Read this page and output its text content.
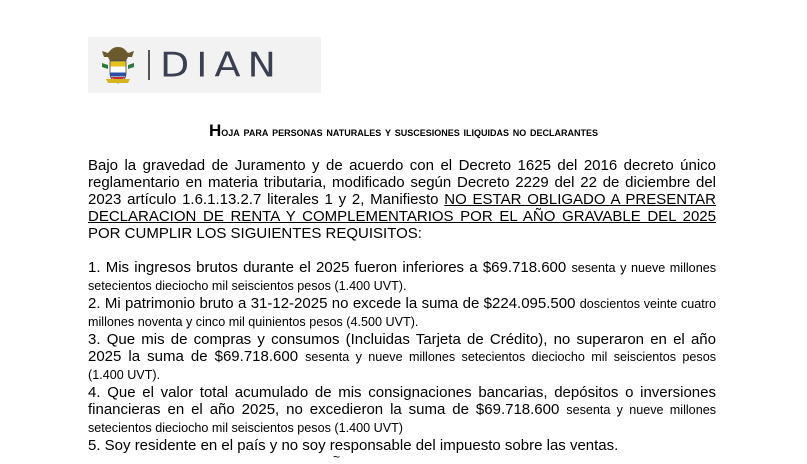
DIAN
Hoja para personas naturales y suscesiones iliquidas no declarantes

Bajo la gravedad de Juramento y de acuerdo con el Decreto 1625 del 2016 decreto único reglamentario en materia tributaria, modificado según Decreto 2229 del 22 de diciembre del 2023 artículo 1.6.1.13.2.7 literales 1 y 2, Manifiesto NO ESTAR OBLIGADO A PRESENTAR DECLARACION DE RENTA Y COMPLEMENTARIOS POR EL AÑO GRAVABLE DEL 2025 POR CUMPLIR LOS SIGUIENTES REQUISITOS:

1. Mis ingresos brutos durante el 2025 fueron inferiores a $69.718.600 sesenta y nueve millones setecientos dieciocho mil seiscientos pesos (1.400 UVT).

2. Mi patrimonio bruto a 31-12-2025 no excede la suma de $224.095.500 doscientos veinte cuatro millones noventa y cinco mil quinientos pesos (4.500 UVT).

3. Que mis de compras y consumos (Incluidas Tarjeta de Crédito), no superaron en el año 2025 la suma de $69.718.600 sesenta y nueve millones setecientos dieciocho mil seiscientos pesos (1.400 UVT).

4. Que el valor total acumulado de mis consignaciones bancarias, depósitos o inversiones financieras en el año 2025, no excedieron la suma de $69.718.600 sesenta y nueve millones setecientos dieciocho mil seiscientos pesos (1.400 UVT)

5. Soy residente en el país y no soy responsable del impuesto sobre las ventas.

~
